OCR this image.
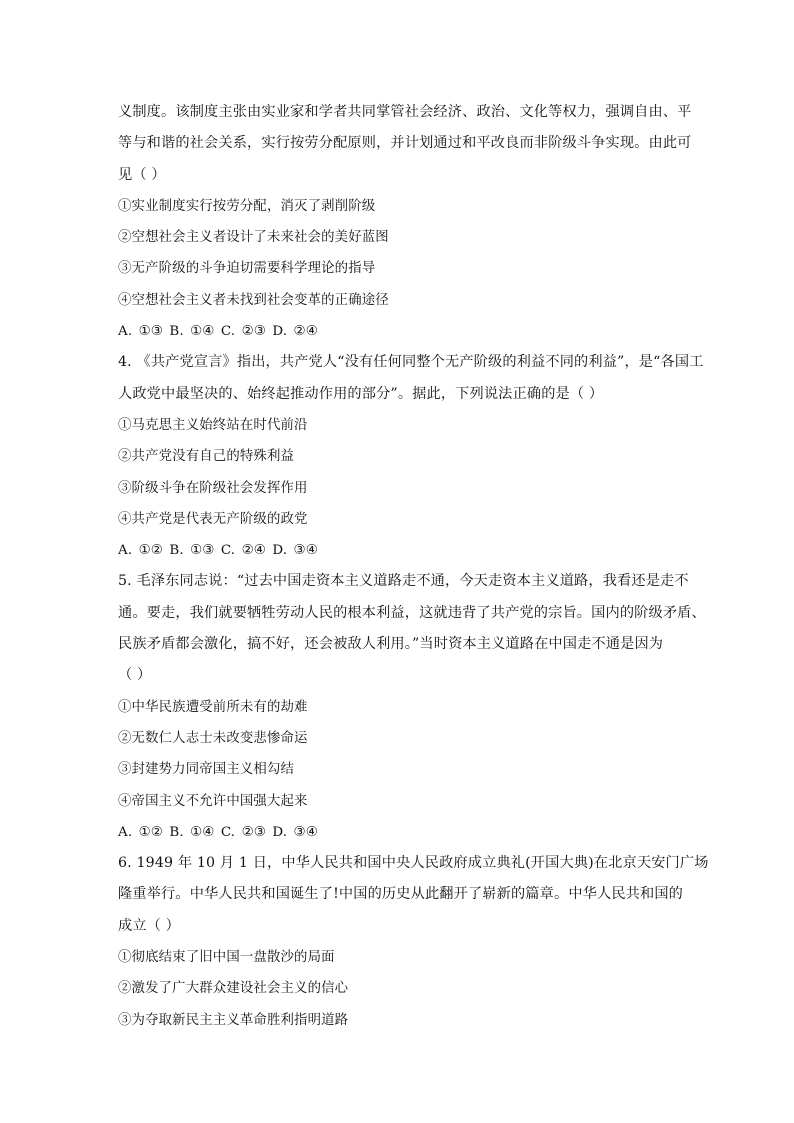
义制度。该制度主张由实业家和学者共同掌管社会经济、政治、文化等权力，强调自由、平
等与和谐的社会关系，实行按劳分配原则，并计划通过和平改良而非阶级斗争实现。由此可
见（ ）
①实业制度实行按劳分配，消灭了剥削阶级
②空想社会主义者设计了未来社会的美好蓝图
③无产阶级的斗争迫切需要科学理论的指导
④空想社会主义者未找到社会变革的正确途径
A. ①③ B. ①④ C. ②③ D. ②④
4. 《共产党宣言》指出，共产党人“没有任何同整个无产阶级的利益不同的利益”，是“各国工
人政党中最坚决的、始终起推动作用的部分”。据此，下列说法正确的是（ ）
①马克思主义始终站在时代前沿
②共产党没有自己的特殊利益
③阶级斗争在阶级社会发挥作用
④共产党是代表无产阶级的政党
A. ①② B. ①③ C. ②④ D. ③④
5. 毛泽东同志说：“过去中国走资本主义道路走不通，今天走资本主义道路，我看还是走不
通。要走，我们就要牺牲劳动人民的根本利益，这就违背了共产党的宗旨。国内的阶级矛盾、
民族矛盾都会激化，搞不好，还会被敌人利用。”当时资本主义道路在中国走不通是因为
（ ）
①中华民族遭受前所未有的劫难
②无数仁人志士未改变悲惨命运
③封建势力同帝国主义相勾结
④帝国主义不允许中国强大起来
A. ①② B. ①④ C. ②③ D. ③④
6. 1949 年 10 月 1 日，中华人民共和国中央人民政府成立典礼(开国大典)在北京天安门广场
隆重举行。中华人民共和国诞生了!中国的历史从此翻开了崭新的篇章。中华人民共和国的
成立（ ）
①彻底结束了旧中国一盘散沙的局面
②激发了广大群众建设社会主义的信心
③为夺取新民主主义革命胜利指明道路
